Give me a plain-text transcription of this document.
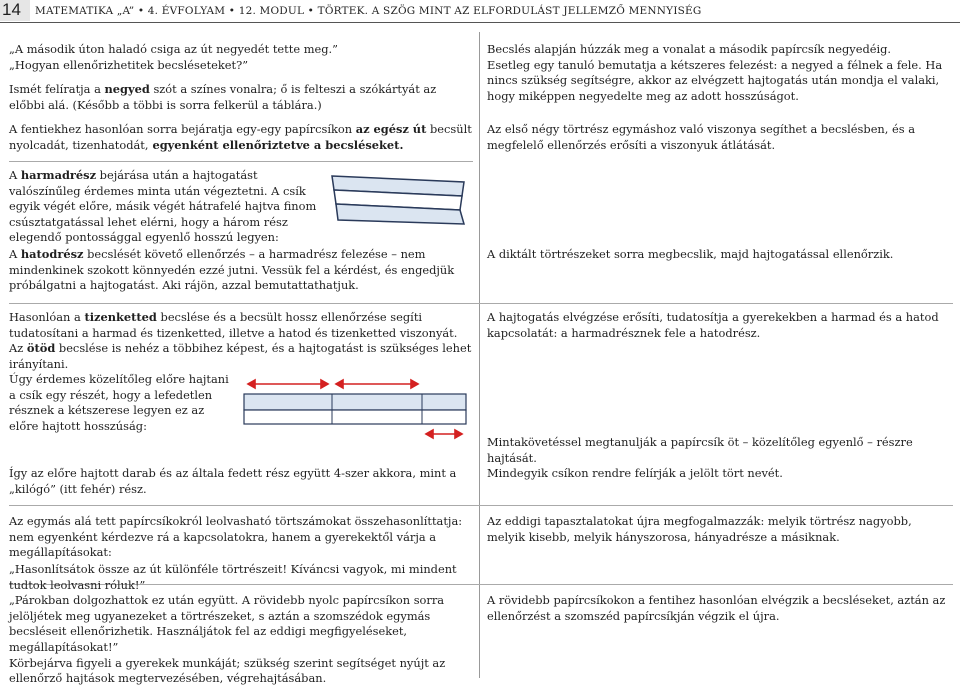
14	MATEMATIKA „A” • 4. ÉVFOLYAM • 12. MODUL • TÖRTEK. A SZÖG MINT AZ ELFORDULÁST JELLEMZŐ MENNYISÉG

„A második úton haladó csiga az út negyedét tette meg.”

„Hogyan ellenőrizhetitek becsléseteket?”

Ismét felíratja a negyed szót a színes vonalra; ő is felteszi a szókártyát az előbbi alá. (Később a többi is sorra felkerül a táblára.)

A fentiekhez hasonlóan sorra bejáratja egy-egy papírcsíkon az egész út becsült nyolcadát, tizenhatodát, egyenként ellenőriztetve a becsléseket.

A harmadrész bejárása után a hajtogatást valószínűleg érdemes minta után végeztetni. A csík egyik végét előre, másik végét hátrafelé hajtva finom csúsztatgatással lehet elérni, hogy a három rész elegendő pontossággal egyenlő hosszú legyen:

A hatodrész becslését követő ellenőrzés – a harmadrész felezése – nem mindenkinek szokott könnyedén ezzé jutni. Vessük fel a kérdést, és engedjük próbálgatni a hajtogatást. Aki rájön, azzal bemutattathatjuk.

Hasonlóan a tizenketted becslése és a becsült hossz ellenőrzése segíti tudatosítani a harmad és tizenketted, illetve a hatod és tizenketted viszonyát.

Az ötöd becslése is nehéz a többihez képest, és a hajtogatást is szükséges lehet irányítani.

Úgy érdemes közelítőleg előre hajtani a csík egy részét, hogy a lefedetlen résznek a kétszerese legyen ez az előre hajtott hosszúság:

Így az előre hajtott darab és az általa fedett rész együtt 4-szer akkora, mint a „kilógó” (itt fehér) rész.

Az egymás alá tett papírcsíkokról leolvasható törtszámokat összehasonlíttatja: nem egyenként kérdezve rá a kapcsolatokra, hanem a gyerekektől várja a megállapításokat:

„Hasonlítsátok össze az út különféle törtrészeit! Kíváncsi vagyok, mi mindent tudtok leolvasni róluk!”

„Párokban dolgozhattok ez után együtt. A rövidebb nyolc papírcsíkon sorra jelöljétek meg ugyanezeket a törtrészeket, s aztán a szomszédok egymás becsléseit ellenőrizhetik. Használjátok fel az eddigi megfigyeléseket, megállapításokat!”

Körbejárva figyeli a gyerekek munkáját; szükség szerint segítséget nyújt az ellenőrző hajtások megtervezésében, végrehajtásában.

Becslés alapján húzzák meg a vonalat a második papírcsík negyedéig.

Esetleg egy tanuló bemutatja a kétszeres felezést: a negyed a félnek a fele. Ha nincs szükség segítségre, akkor az elvégzett hajtogatás után mondja el valaki, hogy miképpen negyedelte meg az adott hosszúságot.

Az első négy törtrész egymáshoz való viszonya segíthet a becslésben, és a megfelelő ellenőrzés erősíti a viszonyuk átlátását.

A diktált törtrészeket sorra megbecslik, majd hajtogatással ellenőrzik.

A hajtogatás elvégzése erősíti, tudatosítja a gyerekekben a harmad és a hatod kapcsolatát: a harmadrésznek fele a hatodrész.

Mintakövetéssel megtanulják a papírcsík öt – közelítőleg egyenlő – részre hajtását.

Mindegyik csíkon rendre felírják a jelölt tört nevét.

Az eddigi tapasztalatokat újra megfogalmazzák: melyik törtrész nagyobb, melyik kisebb, melyik hányszorosa, hányadrésze a másiknak.

A rövidebb papírcsíkokon a fentihez hasonlóan elvégzik a becsléseket, aztán az ellenőrzést a szomszéd papírcsíkján végzik el újra.
